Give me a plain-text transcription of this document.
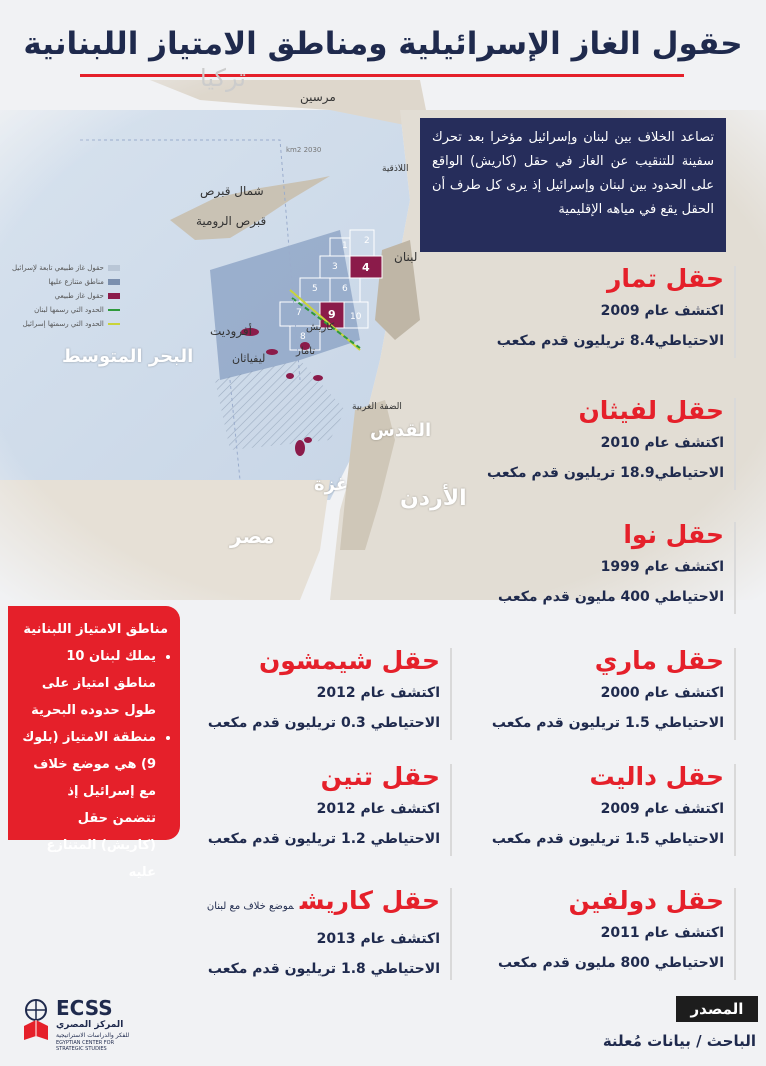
حقول الغاز الإسرائيلية ومناطق الامتياز اللبنانية
تركيا
مرسين
شمال قبرص
قبرص الرومية
اللاذقية
لبنان
أفروديت
تامار
كاريش
ليفياثان
البحر المتوسط
الضفة الغربية
القدس
غزة
الأردن
مصر
2030 km2
1 2
3 4
5	6
7
8
9 10
حقول غاز طبيعي تابعة لإسرائيل
مناطق متنازع عليها
حقول غاز طبيعي
الحدود التي رسمها لبنان
الحدود التي رسمتها إسرائيل
تصاعد الخلاف بين لبنان وإسرائيل مؤخرا بعد تحرك سفينة للتنقيب عن الغاز في حقل (كاريش) الواقع على الحدود بين لبنان وإسرائيل إذ يرى كل طرف أن الحقل يقع في مياهه الإقليمية
حقل تمار
اكتشف عام 2009
الاحتياطي8.4 تريليون قدم مكعب
حقل لفيثان
اكتشف عام 2010
الاحتياطي18.9 تريليون قدم مكعب
حقل نوا
اكتشف عام 1999
الاحتياطي 400 مليون قدم مكعب
حقل ماري
اكتشف عام 2000
الاحتياطي 1.5 تريليون قدم مكعب
حقل داليت
اكتشف عام 2009
الاحتياطي 1.5 تريليون قدم مكعب
حقل دولفين
اكتشف عام 2011
الاحتياطي 800 مليون قدم مكعب
حقل شيمشون
اكتشف عام 2012
الاحتياطي 0.3 تريليون قدم مكعب
حقل تنين
اكتشف عام 2012
الاحتياطي 1.2 تريليون قدم مكعب
حقل كاريشموضع خلاف مع لبنان
اكتشف عام 2013
الاحتياطي 1.8 تريليون قدم مكعب
مناطق الامتياز اللبنانية
• يملك لبنان 10 مناطق امتياز على طول حدوده البحرية
• منطقة الامتياز (بلوك 9) هي موضع خلاف مع إسرائيل إذ تتضمن حقل (كاريش) المتنازع عليه
ECSS
المركز المصري
للفكر والدراسات الاستراتيجية
EGYPTIAN CENTER FOR STRATEGIC STUDIES
المصدر
الباحث / بيانات مُعلنة
